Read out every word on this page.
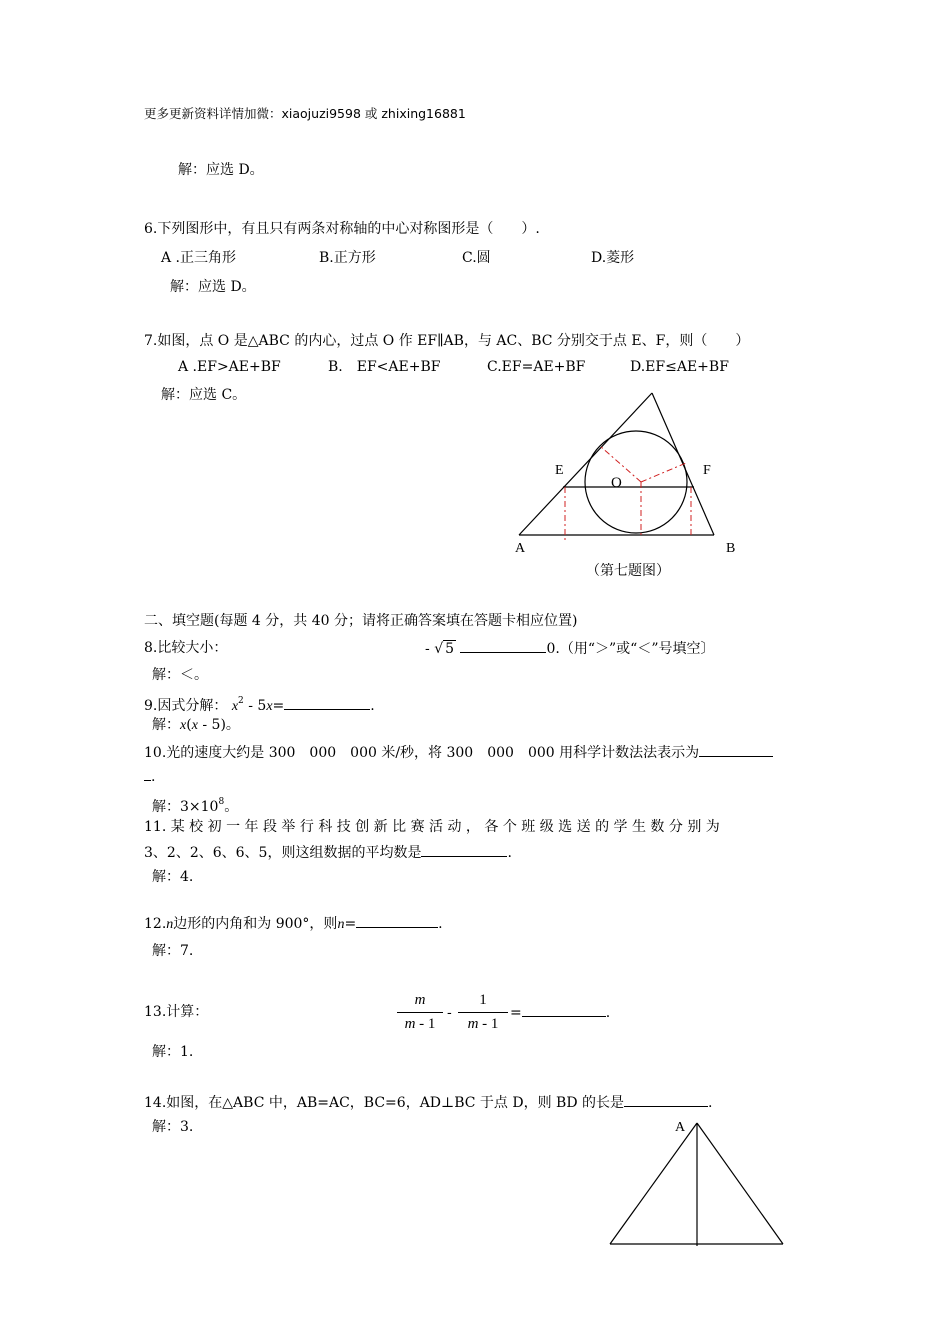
更多更新资料详情加微：xiaojuzi9598 或 zhixing16881
解：应选 D。
6.下列图形中，有且只有两条对称轴的中心对称图形是（　　）.
A .正三角形	B.正方形	C.圆	D.菱形
解：应选 D。
7.如图，点 O 是△ABC 的内心，过点 O 作 EF∥AB，与 AC、BC 分别交于点 E、F，则（　　）
A .EF>AE+BF	B.　EF<AE+BF	C.EF=AE+BF	D.EF≤AE+BF
解：应选 C。
E	F
O
A	B
（第七题图）
二、填空题(每题 4 分，共 40 分；请将正确答案填在答题卡相应位置)
8.比较大小：	- √ 5	0.（用“＞”或“＜”号填空〕
解：＜。
9.因式分解： $x^2 - 5x=$	.
解：x(x - 5)。
10.光的速度大约是 300　000　000 米/秒，将 300　000　000 用科学计数法法表示为
.
解：$3\times 10^8$。
11. 某 校 初 一 年 段 举 行 科 技 创 新 比 赛 活 动 ， 各 个 班 级 选 送 的 学 生 数 分 别 为
3、2、2、6、6、5，则这组数据的平均数是	.
解：4.
12.n边形的内角和为 900°，则n=	.
解：7.
13.计算：	$\frac{m}{m - 1} - \frac{1}{m - 1}$ =	.
解：1.
14.如图，在△ABC 中，AB=AC，BC=6，AD⊥BC 于点 D，则 BD 的长是	.
解：3.	A
